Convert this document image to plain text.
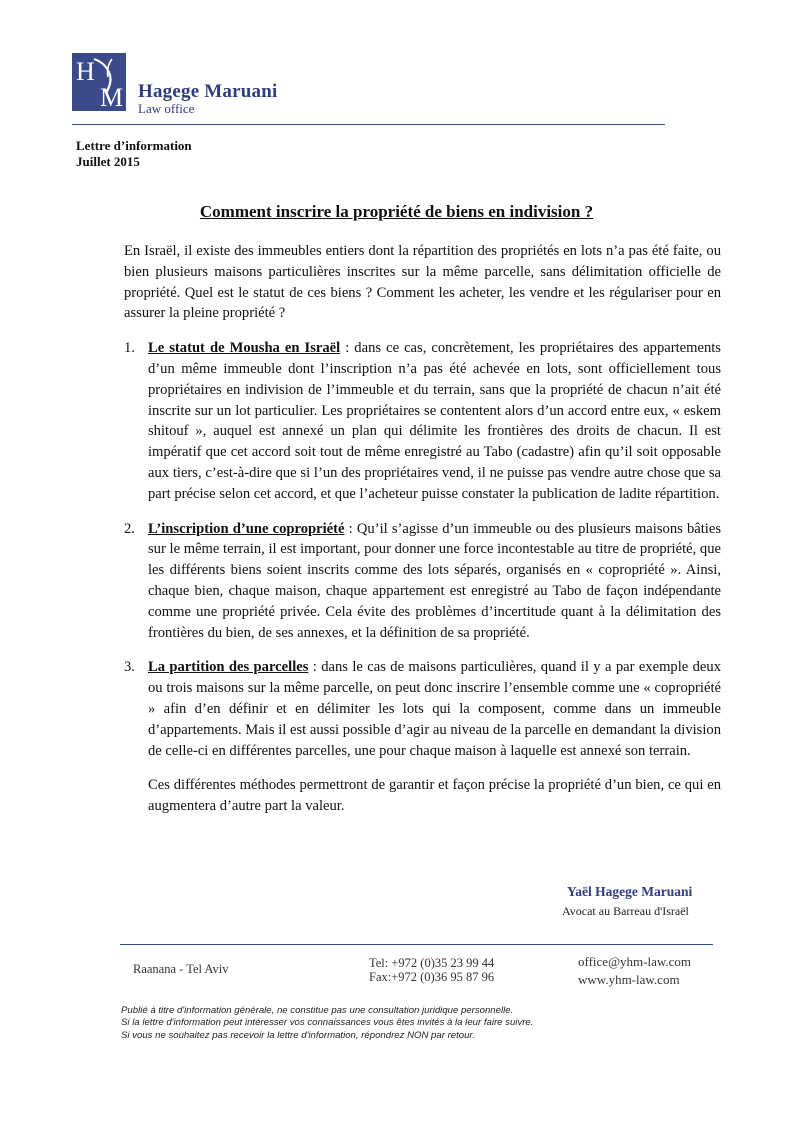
H
M Hagege Maruani
Law office
Lettre d’information
Juillet 2015
Comment inscrire la propriété de biens en indivision ?

En Israël, il existe des immeubles entiers dont la répartition des propriétés en lots n’a pas été faite, ou bien plusieurs maisons particulières inscrites sur la même parcelle, sans délimitation officielle de propriété. Quel est le statut de ces biens ? Comment les acheter, les vendre et les régulariser pour en assurer la pleine propriété ?

1. Le statut de Mousha en Israël : dans ce cas, concrètement, les propriétaires des appartements d’un même immeuble dont l’inscription n’a pas été achevée en lots, sont officiellement tous propriétaires en indivision de l’immeuble et du terrain, sans que la propriété de chacun n’ait été inscrite sur un lot particulier. Les propriétaires se contentent alors d’un accord entre eux, « eskem shitouf », auquel est annexé un plan qui délimite les frontières des droits de chacun. Il est impératif que cet accord soit tout de même enregistré au Tabo (cadastre) afin qu’il soit opposable aux tiers, c’est-à-dire que si l’un des propriétaires vend, il ne puisse pas vendre autre chose que sa part précise selon cet accord, et que l’acheteur puisse constater la publication de ladite répartition.
2. L’inscription d’une copropriété : Qu’il s’agisse d’un immeuble ou des plusieurs maisons bâties sur le même terrain, il est important, pour donner une force incontestable au titre de propriété, que les différents biens soient inscrits comme des lots séparés, organisés en « copropriété ». Ainsi, chaque bien, chaque maison, chaque appartement est enregistré au Tabo de façon indépendante comme une propriété privée. Cela évite des problèmes d’incertitude quant à la délimitation des frontières du bien, de ses annexes, et la définition de sa propriété.
3. La partition des parcelles : dans le cas de maisons particulières, quand il y a par exemple deux ou trois maisons sur la même parcelle, on peut donc inscrire l’ensemble comme une « copropriété » afin d’en définir et en délimiter les lots qui la composent, comme dans un immeuble d’appartements. Mais il est aussi possible d’agir au niveau de la parcelle en demandant la division de celle-ci en différentes parcelles, une pour chaque maison à laquelle est annexé son terrain.

Ces différentes méthodes permettront de garantir et façon précise la propriété d’un bien, ce qui en augmentera d’autre part la valeur.

Yaël Hagege Maruani
Avocat au Barreau d'Israël
Raanana - Tel Aviv	Tel: +972 (0)35 23 99 44
Fax:+972 (0)36 95 87 96
office@yhm-law.com
www.yhm-law.com
Publié à titre d'information générale, ne constitue pas une consultation juridique personnelle.
Si la lettre d'information peut intéresser vos connaissances vous êtes invités à la leur faire suivre.
Si vous ne souhaitez pas recevoir la lettre d'information, répondrez NON par retour.
